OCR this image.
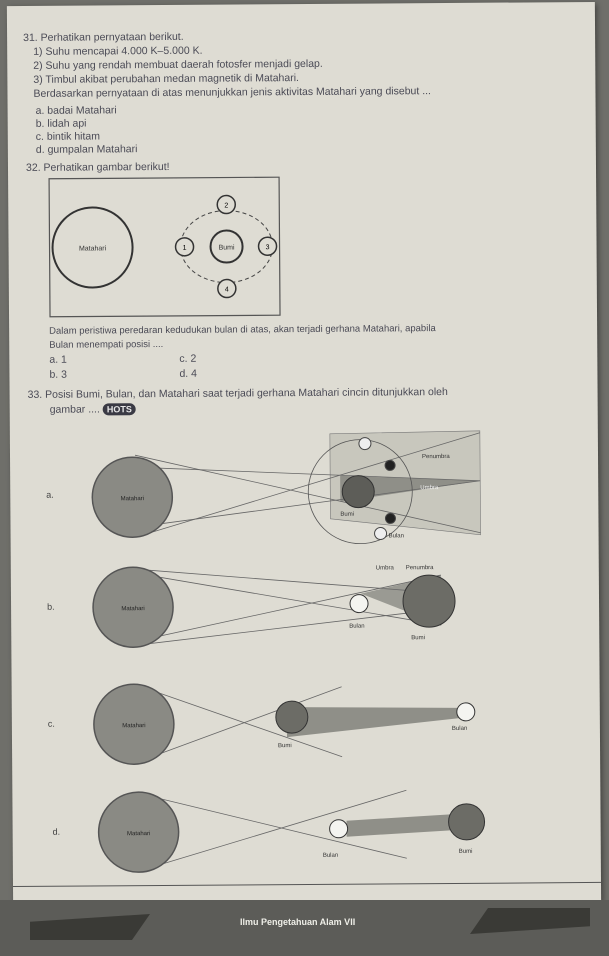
31. Perhatikan pernyataan berikut.
1) Suhu mencapai 4.000 K–5.000 K.
2) Suhu yang rendah membuat daerah fotosfer menjadi gelap.
3) Timbul akibat perubahan medan magnetik di Matahari.
Berdasarkan pernyataan di atas menunjukkan jenis aktivitas Matahari yang disebut ...
a. badai Matahari
b. lidah api
c. bintik hitam
d. gumpalan Matahari
32. Perhatikan gambar berikut!
Matahari	Bumi
2
1	3
4
Dalam peristiwa peredaran kedudukan bulan di atas, akan terjadi gerhana Matahari, apabila
Bulan menempati posisi ....
a. 1	c. 2
b. 3	d. 4
33. Posisi Bumi, Bulan, dan Matahari saat terjadi gerhana Matahari cincin ditunjukkan oleh
gambar .... HOTS
a.	Matahari
Penumbra
Umbra
Bumi
Bulan
b.	Matahari
Umbra Penumbra
Bulan
Bumi
c.	Matahari
Bumi
Bulan
d.	Matahari
Bulan
Bumi
Ilmu Pengetahuan Alam VII
